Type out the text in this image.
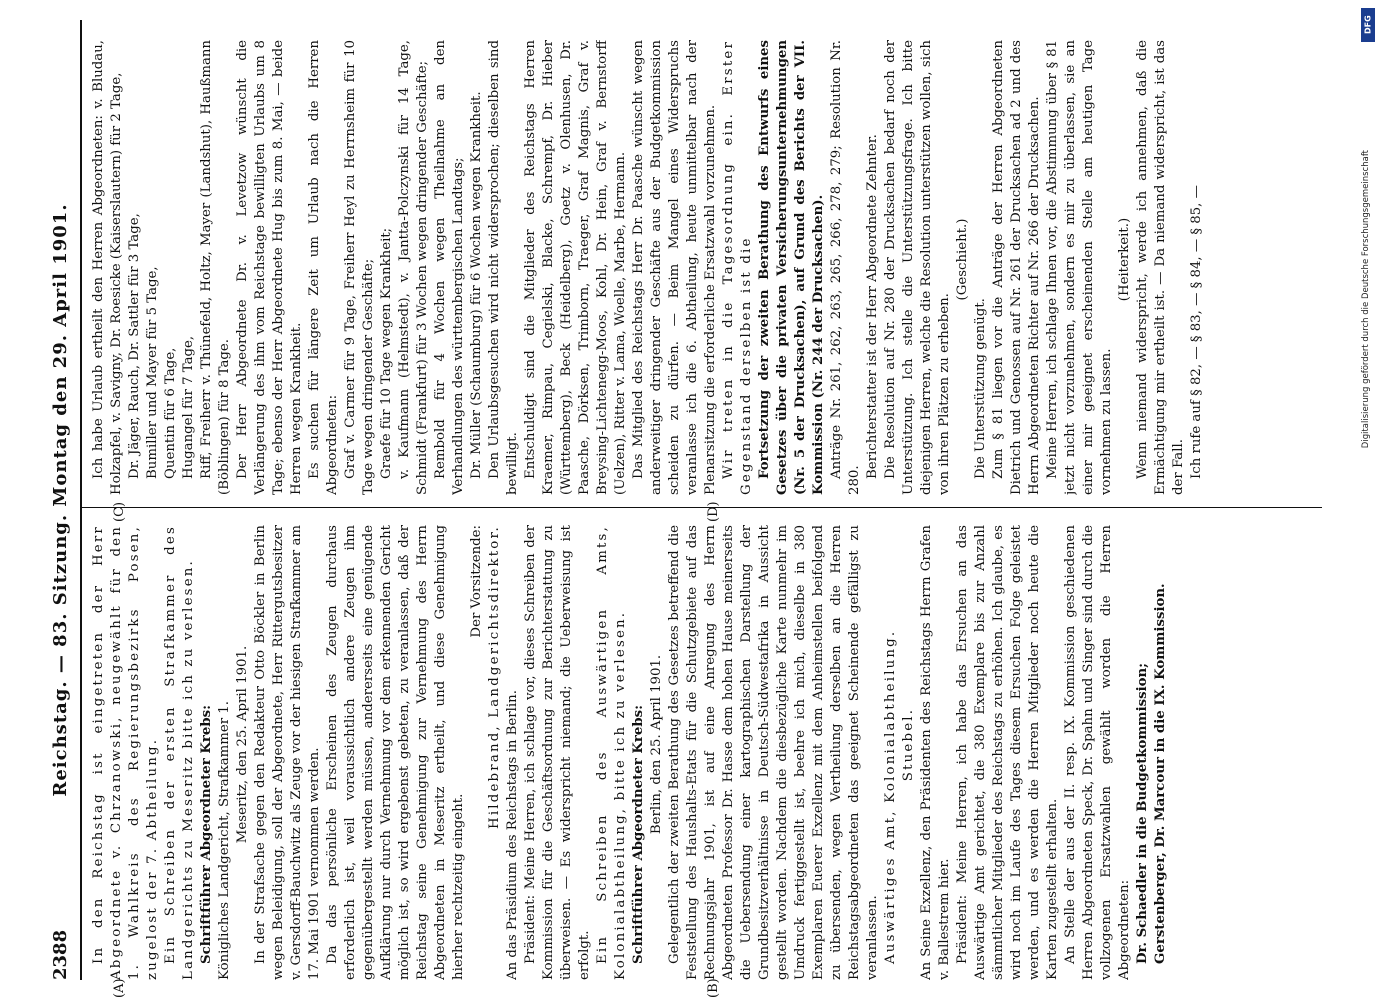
2388
Reichstag. — 83. Sitzung. Montag den 29. April 1901.
(A)	(B)
(C)	(D)

In den Reichstag ist eingetreten der Herr Abgeordnete v. Chrzanowski, neugewählt für den 1. Wahlkreis des Regierungsbezirks Posen, zugelost der 7. Abtheilung. Ein Schreiben der ersten Strafkammer des Landgerichts zu Meseritz bitte ich zu verlesen. Schriftführer Abgeordneter Krebs: Königliches Landgericht, Strafkammer 1. Meseritz, den 25. April 1901. In der Strafsache gegen den Redakteur Otto Böckler in Berlin wegen Beleidigung, soll der Abgeordnete, Herr Rittergutsbesitzer v. Gersdorff-Bauchwitz als Zeuge vor der hiesigen Strafkammer am 17. Mai 1901 vernommen werden. Da das persönliche Erscheinen des Zeugen durchaus erforderlich ist, weil voraussichtlich andere Zeugen ihm gegenübergestellt werden müssen, andererseits eine genügende Aufklärung nur durch Vernehmung vor dem erkennenden Gericht möglich ist, so wird ergebenst gebeten, zu veranlassen, daß der Reichstag seine Genehmigung zur Vernehmung des Herrn Abgeordneten in Meseritz ertheilt, und diese Genehmigung hierher rechtzeitig eingeht.

Der Vorsitzende: Hildebrand, Landgerichtsdirektor.

An das Präsidium des Reichstags in Berlin. Präsident: Meine Herren, ich schlage vor, dieses Schreiben der Kommission für die Geschäftsordnung zur Berichterstattung zu überweisen. — Es widerspricht niemand; die Ueberweisung ist erfolgt. Ein Schreiben des Auswärtigen Amts, Kolonialabtheilung, bitte ich zu verlesen. Schriftführer Abgeordneter Krebs: Berlin, den 25. April 1901. Gelegentlich der zweiten Berathung des Gesetzes betreffend die Feststellung des Haushalts-Etats für die Schutzgebiete auf das Rechnungsjahr 1901, ist auf eine Anregung des Herrn Abgeordneten Professor Dr. Hasse dem hohen Hause meinerseits die Uebersendung einer kartographischen Darstellung der Grundbesitzverhältnisse in Deutsch-Südwestafrika in Aussicht gestellt worden. Nachdem die diesbezügliche Karte nunmehr im Umdruck fertiggestellt ist, beehre ich mich, dieselbe in 380 Exemplaren Euerer Exzellenz mit dem Anheimstellen beifolgend zu übersenden, wegen Vertheilung derselben an die Herren Reichstagsabgeordneten das geeignet Scheinende gefälligst zu veranlassen. Auswärtiges Amt, Kolonialabtheilung. Stuebel. An Seine Exzellenz, den Präsidenten des Reichstags Herrn Grafen v. Ballestrem hier. Präsident: Meine Herren, ich habe das Ersuchen an das Auswärtige Amt gerichtet, die 380 Exemplare bis zur Anzahl sämmtlicher Mitglieder des Reichstags zu erhöhen. Ich glaube, es wird noch im Laufe des Tages diesem Ersuchen Folge geleistet werden, und es werden die Herren Mitglieder noch heute die Karten zugestellt erhalten. An Stelle der aus der II. resp. IX. Kommission geschiedenen Herren Abgeordneten Speck, Dr. Spahn und Singer sind durch die vollzogenen Ersatzwahlen gewählt worden die Herren Abgeordneten: Dr. Schaedler in die Budgetkommission; Gerstenberger, Dr. Marcour in die IX. Kommission.

Ich habe Urlaub ertheilt den Herren Abgeordneten: v. Bludau, Holzapfel, v. Savigny, Dr. Roesicke (Kaiserslautern) für 2 Tage, Dr. Jäger, Rauch, Dr. Sattler für 3 Tage, Bumiller und Mayer für 5 Tage, Quentin für 6 Tage, Hugangel für 7 Tage, Riff, Freiherr v. Thünefeld, Holtz, Mayer (Landshut), Haußmann (Böblingen) für 8 Tage. Der Herr Abgeordnete Dr. v. Levetzow wünscht die Verlängerung des ihm vom Reichstage bewilligten Urlaubs um 8 Tage; ebenso der Herr Abgeordnete Hug bis zum 8. Mai, — beide Herren wegen Krankheit. Es suchen für längere Zeit um Urlaub nach die Herren Abgeordneten: Graf v. Carmer für 9 Tage, Freiherr Heyl zu Herrnsheim für 10 Tage wegen dringender Geschäfte; Graefe für 10 Tage wegen Krankheit; v. Kaufmann (Helmstedt), v. Jantta-Polczynski für 14 Tage, Schmidt (Frankfurt) für 3 Wochen wegen dringender Geschäfte; Rembold für 4 Wochen wegen Theilnahme an den Verhandlungen des württembergischen Landtags; Dr. Müller (Schaumburg) für 6 Wochen wegen Krankheit. Den Urlaubsgesuchen wird nicht widersprochen; dieselben sind bewilligt. Entschuldigt sind die Mitglieder des Reichstags Herren Kraemer, Rimpau, Cegielski, Blacke, Schrempf, Dr. Hieber (Württemberg), Beck (Heidelberg), Goetz v. Olenhusen, Dr. Paasche, Dörksen, Trimborn, Traeger, Graf Magnis, Graf v. Breysing-Lichtenegg-Moos, Kohl, Dr. Hein, Graf v. Bernstorff (Uelzen), Ritter v. Lama, Woelle, Marbe, Hermann. Das Mitglied des Reichstags Herr Dr. Paasche wünscht wegen anderweitiger dringender Geschäfte aus der Budgetkommission scheiden zu dürfen. — Beim Mangel eines Widerspruchs veranlasse ich die 6. Abtheilung, heute unmittelbar nach der Plenarsitzung die erforderliche Ersatzwahl vorzunehmen. Wir treten in die Tagesordnung ein. Erster Gegenstand derselben ist die Fortsetzung der zweiten Berathung des Entwurfs eines Gesetzes über die privaten Versicherungsunternehmungen (Nr. 5 der Drucksachen), auf Grund des Berichts der VII. Kommission (Nr. 244 der Drucksachen). Anträge Nr. 261, 262, 263, 265, 266, 278, 279; Resolution Nr. 280.

Berichterstatter ist der Herr Abgeordnete Zehnter. Die Resolution auf Nr. 280 der Drucksachen bedarf noch der Unterstützung. Ich stelle die Unterstützungsfrage. Ich bitte diejenigen Herren, welche die Resolution unterstützen wollen, sich von ihren Plätzen zu erheben.

(Geschieht.)

Die Unterstützung genügt. Zum § 81 liegen vor die Anträge der Herren Abgeordneten Dietrich und Genossen auf Nr. 261 der Drucksachen ad 2 und des Herrn Abgeordneten Richter auf Nr. 266 der Drucksachen. Meine Herren, ich schlage Ihnen vor, die Abstimmung über § 81 jetzt nicht vorzunehmen, sondern es mir zu überlassen, sie an einer mir geeignet erscheinenden Stelle am heutigen Tage vornehmen zu lassen.

(Heiterkeit.) Wenn niemand widerspricht, werde ich annehmen, daß die Ermächtigung mir ertheilt ist. — Da niemand widerspricht, ist das der Fall. Ich rufe auf § 82, — § 83, — § 84, — § 85, —

DFG
Digitalisierung gefördert durch die Deutsche Forschungsgemeinschaft
